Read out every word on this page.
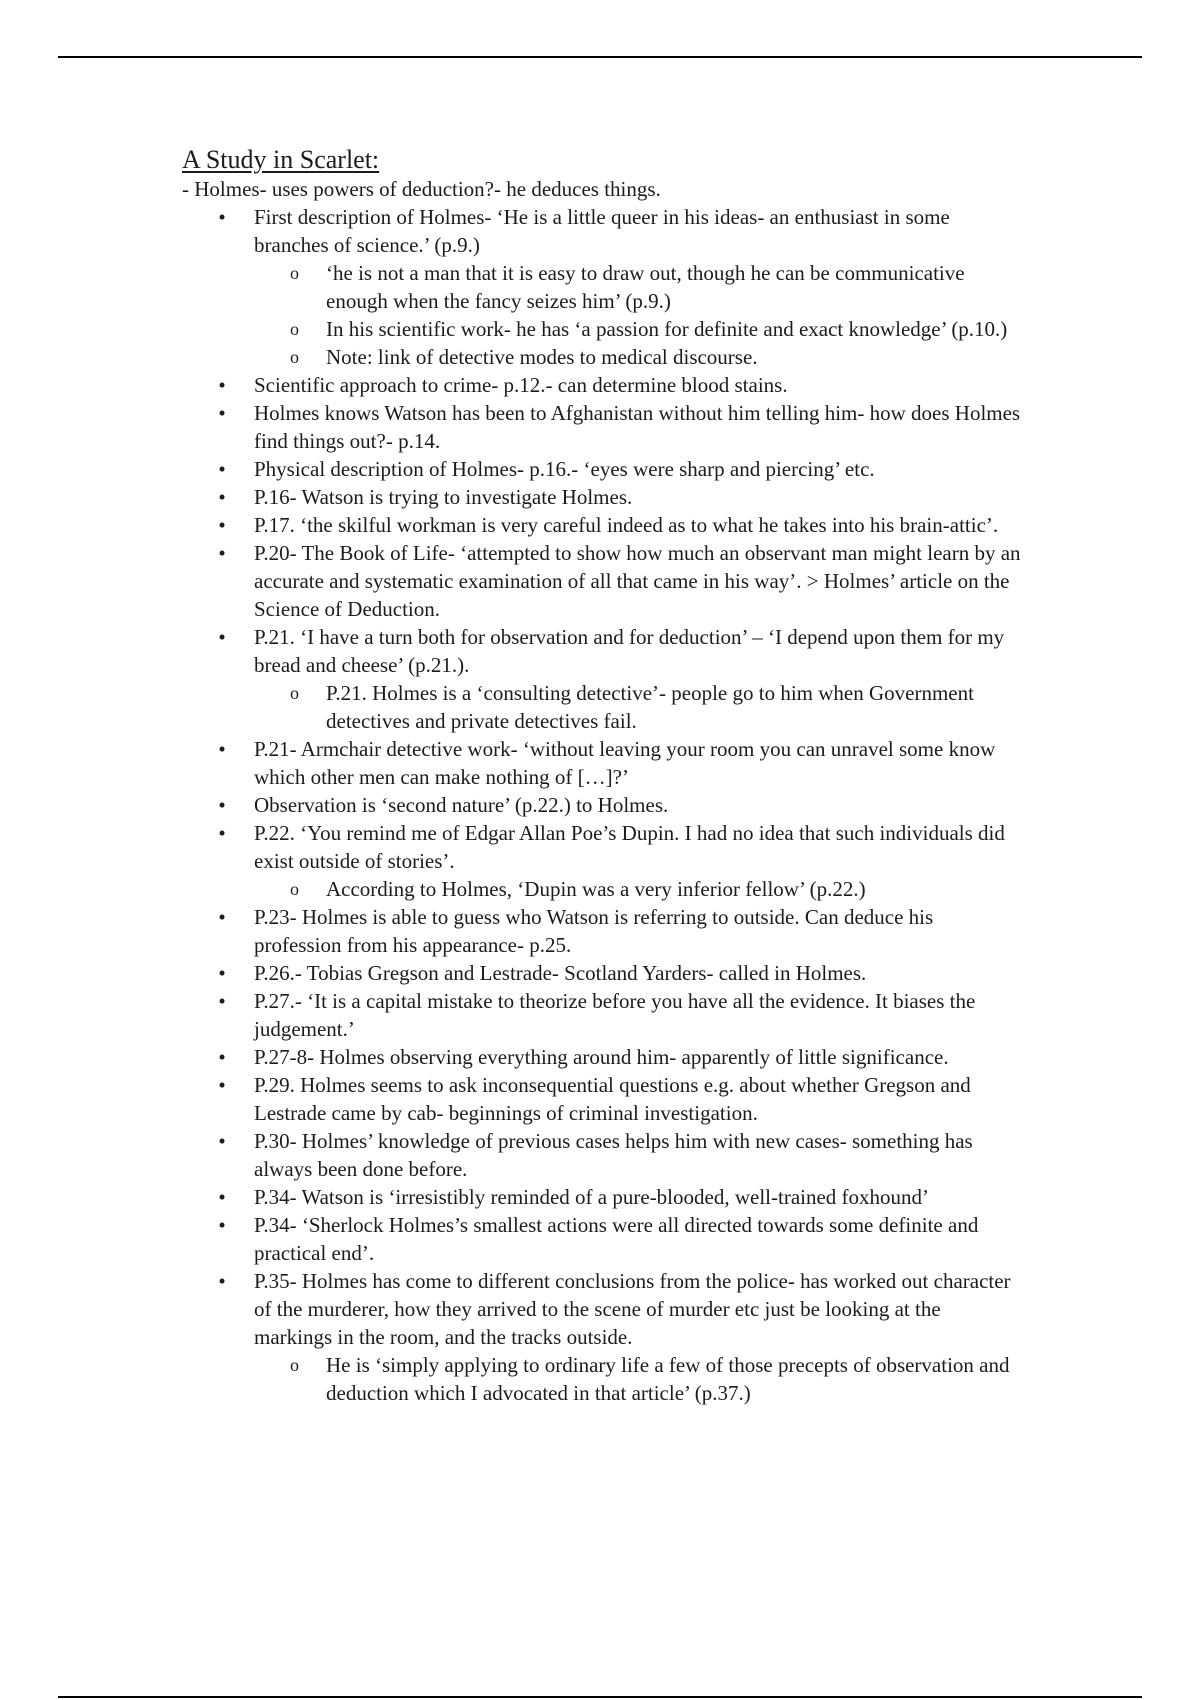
A Study in Scarlet:

- Holmes- uses powers of deduction?- he deduces things.

• First description of Holmes- ‘He is a little queer in his ideas- an enthusiast in some branches of science.’ (p.9.)
o ‘he is not a man that it is easy to draw out, though he can be communicative enough when the fancy seizes him’ (p.9.)
o In his scientific work- he has ‘a passion for definite and exact knowledge’ (p.10.)
o Note: link of detective modes to medical discourse.
• Scientific approach to crime- p.12.- can determine blood stains.
• Holmes knows Watson has been to Afghanistan without him telling him- how does Holmes find things out?- p.14.
• Physical description of Holmes- p.16.- ‘eyes were sharp and piercing’ etc.
• P.16- Watson is trying to investigate Holmes.
• P.17. ‘the skilful workman is very careful indeed as to what he takes into his brain-attic’.
• P.20- The Book of Life- ‘attempted to show how much an observant man might learn by an accurate and systematic examination of all that came in his way’. > Holmes’ article on the Science of Deduction.
• P.21. ‘I have a turn both for observation and for deduction’ – ‘I depend upon them for my bread and cheese’ (p.21.).
o P.21. Holmes is a ‘consulting detective’- people go to him when Government detectives and private detectives fail.
• P.21- Armchair detective work- ‘without leaving your room you can unravel some know which other men can make nothing of […]?’
• Observation is ‘second nature’ (p.22.) to Holmes.
• P.22. ‘You remind me of Edgar Allan Poe’s Dupin. I had no idea that such individuals did exist outside of stories’.
o According to Holmes, ‘Dupin was a very inferior fellow’ (p.22.)
• P.23- Holmes is able to guess who Watson is referring to outside. Can deduce his profession from his appearance- p.25.
• P.26.- Tobias Gregson and Lestrade- Scotland Yarders- called in Holmes.
• P.27.- ‘It is a capital mistake to theorize before you have all the evidence. It biases the judgement.’
• P.27-8- Holmes observing everything around him- apparently of little significance.
• P.29. Holmes seems to ask inconsequential questions e.g. about whether Gregson and Lestrade came by cab- beginnings of criminal investigation.
• P.30- Holmes’ knowledge of previous cases helps him with new cases- something has always been done before.
• P.34- Watson is ‘irresistibly reminded of a pure-blooded, well-trained foxhound’
• P.34- ‘Sherlock Holmes’s smallest actions were all directed towards some definite and practical end’.
• P.35- Holmes has come to different conclusions from the police- has worked out character of the murderer, how they arrived to the scene of murder etc just be looking at the markings in the room, and the tracks outside.
o He is ‘simply applying to ordinary life a few of those precepts of observation and deduction which I advocated in that article’ (p.37.)
